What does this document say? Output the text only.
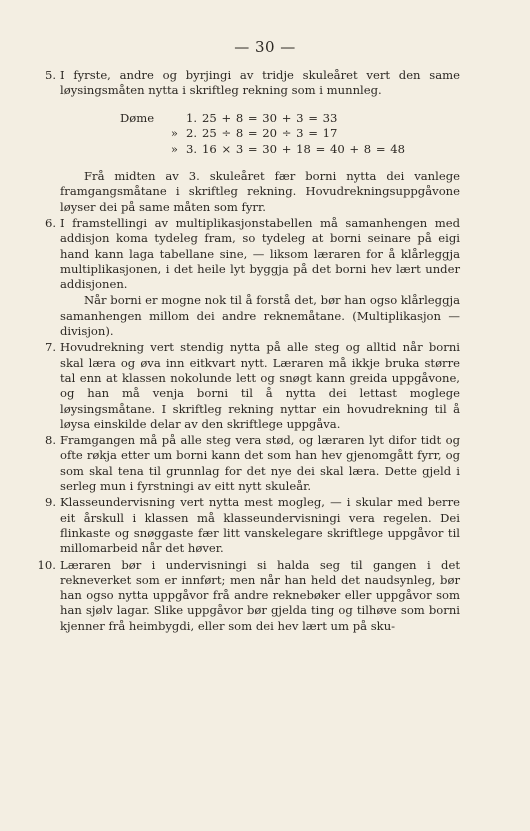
— 30 —
5. I fyrste, andre og byrjingi av tridje skuleåret vert den same løysingsmåten nytta i skriftleg rekning som i munnleg.

Døme	1. 25 + 8 = 30 + 3 = 33
» 2. 25 ÷ 8 = 20 ÷ 3 = 17
» 3. 16 × 3 = 30 + 18 = 40 + 8 = 48

Frå midten av 3. skuleåret fær borni nytta dei vanlege framgangsmåtane i skriftleg rekning. Hovudrekningsuppgåvone løyser dei på same måten som fyrr.

6. I framstellingi av multiplikasjonstabellen må samanhengen med addisjon koma tydeleg fram, so tydeleg at borni seinare på eigi hand kann laga tabellane sine, — liksom læraren for å klårleggja multiplikasjonen, i det heile lyt byggja på det borni hev lært under addisjonen.

Når borni er mogne nok til å forstå det, bør han ogso klårleggja samanhengen millom dei andre reknemåtane. (Multiplikasjon — divisjon).

7. Hovudrekning vert stendig nytta på alle steg og alltid når borni skal læra og øva inn eitkvart nytt. Læraren må ikkje bruka større tal enn at klassen nokolunde lett og snøgt kann greida uppgåvone, og han må venja borni til å nytta dei lettast moglege løysingsmåtane. I skriftleg rekning nyttar ein hovudrekning til å løysa einskilde delar av den skriftlege uppgåva.

8. Framgangen må på alle steg vera stød, og læraren lyt difor tidt og ofte røkja etter um borni kann det som han hev gjenomgått fyrr, og som skal tena til grunnlag for det nye dei skal læra. Dette gjeld i serleg mun i fyrstningi av eitt nytt skuleår.

9. Klasseundervisning vert nytta mest mogleg, — i skular med berre eit årskull i klassen må klasseundervisningi vera regelen. Dei flinkaste og snøggaste fær litt vanskelegare skriftlege uppgåvor til millomarbeid når det høver.

10. Læraren bør i undervisningi si halda seg til gangen i det rekneverket som er innført; men når han held det naudsynleg, bør han ogso nytta uppgåvor frå andre reknebøker eller uppgåvor som han sjølv lagar. Slike uppgåvor bør gjelda ting og tilhøve som borni kjenner frå heimbygdi, eller som dei hev lært um på sku-
